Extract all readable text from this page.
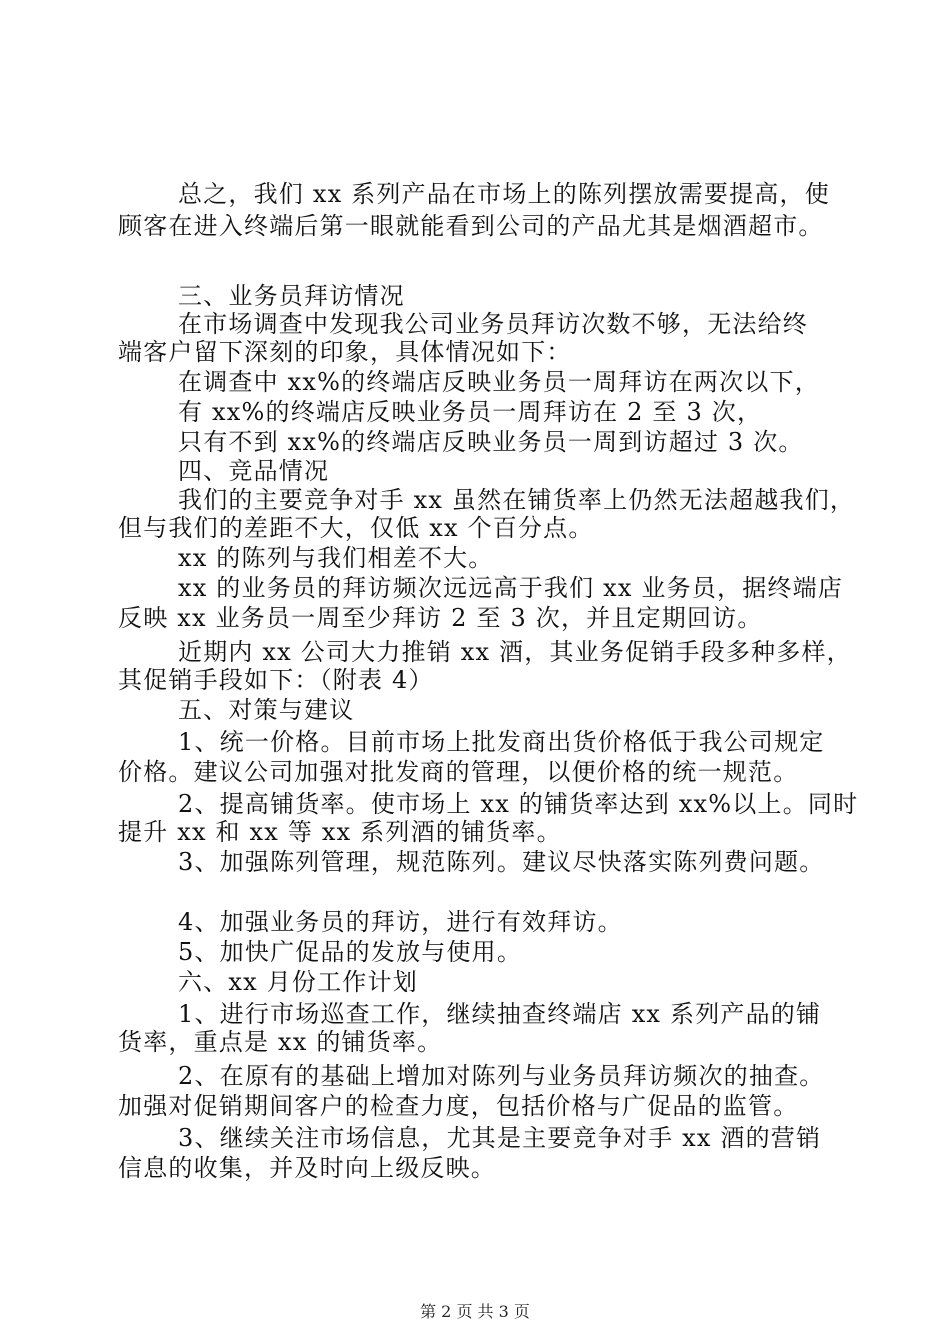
总之，我们 xx 系列产品在市场上的陈列摆放需要提高，使
顾客在进入终端后第一眼就能看到公司的产品尤其是烟酒超市。
三、业务员拜访情况
在市场调查中发现我公司业务员拜访次数不够，无法给终
端客户留下深刻的印象，具体情况如下：
在调查中 xx%的终端店反映业务员一周拜访在两次以下，
有 xx%的终端店反映业务员一周拜访在 2 至 3 次，
只有不到 xx%的终端店反映业务员一周到访超过 3 次。
四、竞品情况
我们的主要竞争对手 xx 虽然在铺货率上仍然无法超越我们，
但与我们的差距不大，仅低 xx 个百分点。
xx 的陈列与我们相差不大。
xx 的业务员的拜访频次远远高于我们 xx 业务员，据终端店
反映 xx 业务员一周至少拜访 2 至 3 次，并且定期回访。
近期内 xx 公司大力推销 xx 酒，其业务促销手段多种多样，
其促销手段如下：（附表 4）
五、对策与建议
1、统一价格。目前市场上批发商出货价格低于我公司规定
价格。建议公司加强对批发商的管理，以便价格的统一规范。
2、提高铺货率。使市场上 xx 的铺货率达到 xx%以上。同时
提升 xx 和 xx 等 xx 系列酒的铺货率。
3、加强陈列管理，规范陈列。建议尽快落实陈列费问题。
4、加强业务员的拜访，进行有效拜访。
5、加快广促品的发放与使用。
六、xx 月份工作计划
1、进行市场巡查工作，继续抽查终端店 xx 系列产品的铺
货率，重点是 xx 的铺货率。
2、在原有的基础上增加对陈列与业务员拜访频次的抽查。
加强对促销期间客户的检查力度，包括价格与广促品的监管。
3、继续关注市场信息，尤其是主要竞争对手 xx 酒的营销
信息的收集，并及时向上级反映。
第 2 页 共 3 页
